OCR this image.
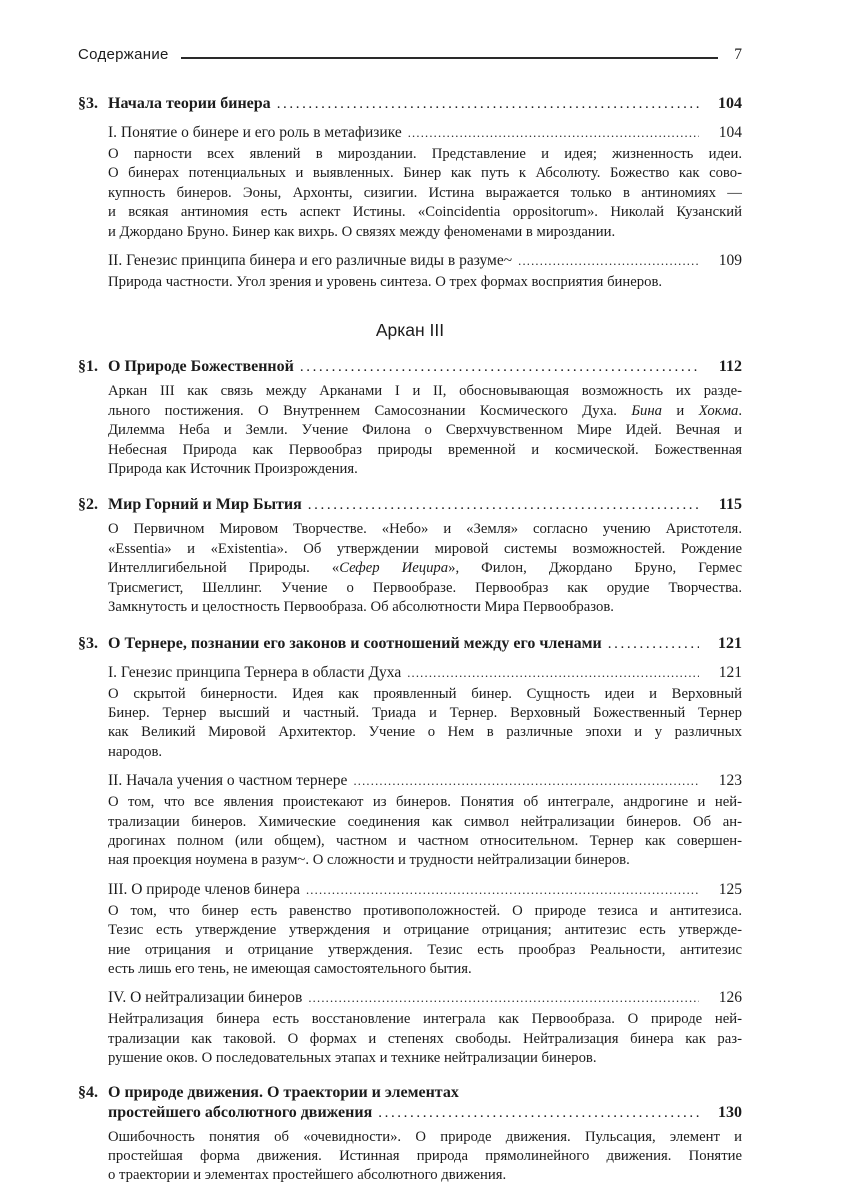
Содержание	7
§3. Начала теории бинера .....	104
I. Понятие о бинере и его роль в метафизике .....	104
О парности всех явлений в мироздании. Представление и идея; жизненность идеи.
О бинерах потенциальных и выявленных. Бинер как путь к Абсолюту. Божество как сово-
купность бинеров. Эоны, Архонты, сизигии. Истина выражается только в антиномиях —
и всякая антиномия есть аспект Истины. «Coincidentia oppositorum». Николай Кузанский
и Джордано Бруно. Бинер как вихрь. О связях между феноменами в мироздании.
II. Генезис принципа бинера и его различные виды в разуме~ .....	109
Природа частности. Угол зрения и уровень синтеза. О трех формах восприятия бинеров.
Аркан III
§1. О Природе Божественной .....	112
Аркан III как связь между Арканами I и II, обосновывающая возможность их разде-
льного постижения. О Внутреннем Самосознании Космического Духа. Бина и Хокма.
Дилемма Неба и Земли. Учение Филона о Сверхчувственном Мире Идей. Вечная и
Небесная Природа как Первообраз природы временной и космической. Божественная
Природа как Источник Произрождения.
§2. Мир Горний и Мир Бытия .....	115
О Первичном Мировом Творчестве. «Небо» и «Земля» согласно учению Аристотеля.
«Essentia» и «Existentia». Об утверждении мировой системы возможностей. Рождение
Интеллигибельной Природы. «Сефер Иецира», Филон, Джордано Бруно, Гермес
Трисмегист, Шеллинг. Учение о Первообразе. Первообраз как орудие Творчества.
Замкнутость и целостность Первообраза. Об абсолютности Мира Первообразов.
§3. О Тернере, познании его законов и соотношений между его членами .....	121
I. Генезис принципа Тернера в области Духа .....	121
О скрытой бинерности. Идея как проявленный бинер. Сущность идеи и Верховный
Бинер. Тернер высший и частный. Триада и Тернер. Верховный Божественный Тернер
как Великий Мировой Архитектор. Учение о Нем в различные эпохи и у различных
народов.
II. Начала учения о частном тернере .....	123
О том, что все явления проистекают из бинеров. Понятия об интеграле, андрогине и ней-
трализации бинеров. Химические соединения как символ нейтрализации бинеров. Об ан-
дрогинах полном (или общем), частном и частном относительном. Тернер как совершен-
ная проекция ноумена в разум~. О сложности и трудности нейтрализации бинеров.
III. О природе членов бинера .....	125
О том, что бинер есть равенство противоположностей. О природе тезиса и антитезиса.
Тезис есть утверждение утверждения и отрицание отрицания; антитезис есть утвержде-
ние отрицания и отрицание утверждения. Тезис есть прообраз Реальности, антитезис
есть лишь его тень, не имеющая самостоятельного бытия.
IV. О нейтрализации бинеров .....	126
Нейтрализация бинера есть восстановление интеграла как Первообраза. О природе ней-
трализации как таковой. О формах и степенях свободы. Нейтрализация бинера как раз-
рушение оков. О последовательных этапах и технике нейтрализации бинеров.
§4. О природе движения. О траектории и элементах
простейшего абсолютного движения .....	130
Ошибочность понятия об «очевидности». О природе движения. Пульсация, элемент и
простейшая форма движения. Истинная природа прямолинейного движения. Понятие
о траектории и элементах простейшего абсолютного движения.
